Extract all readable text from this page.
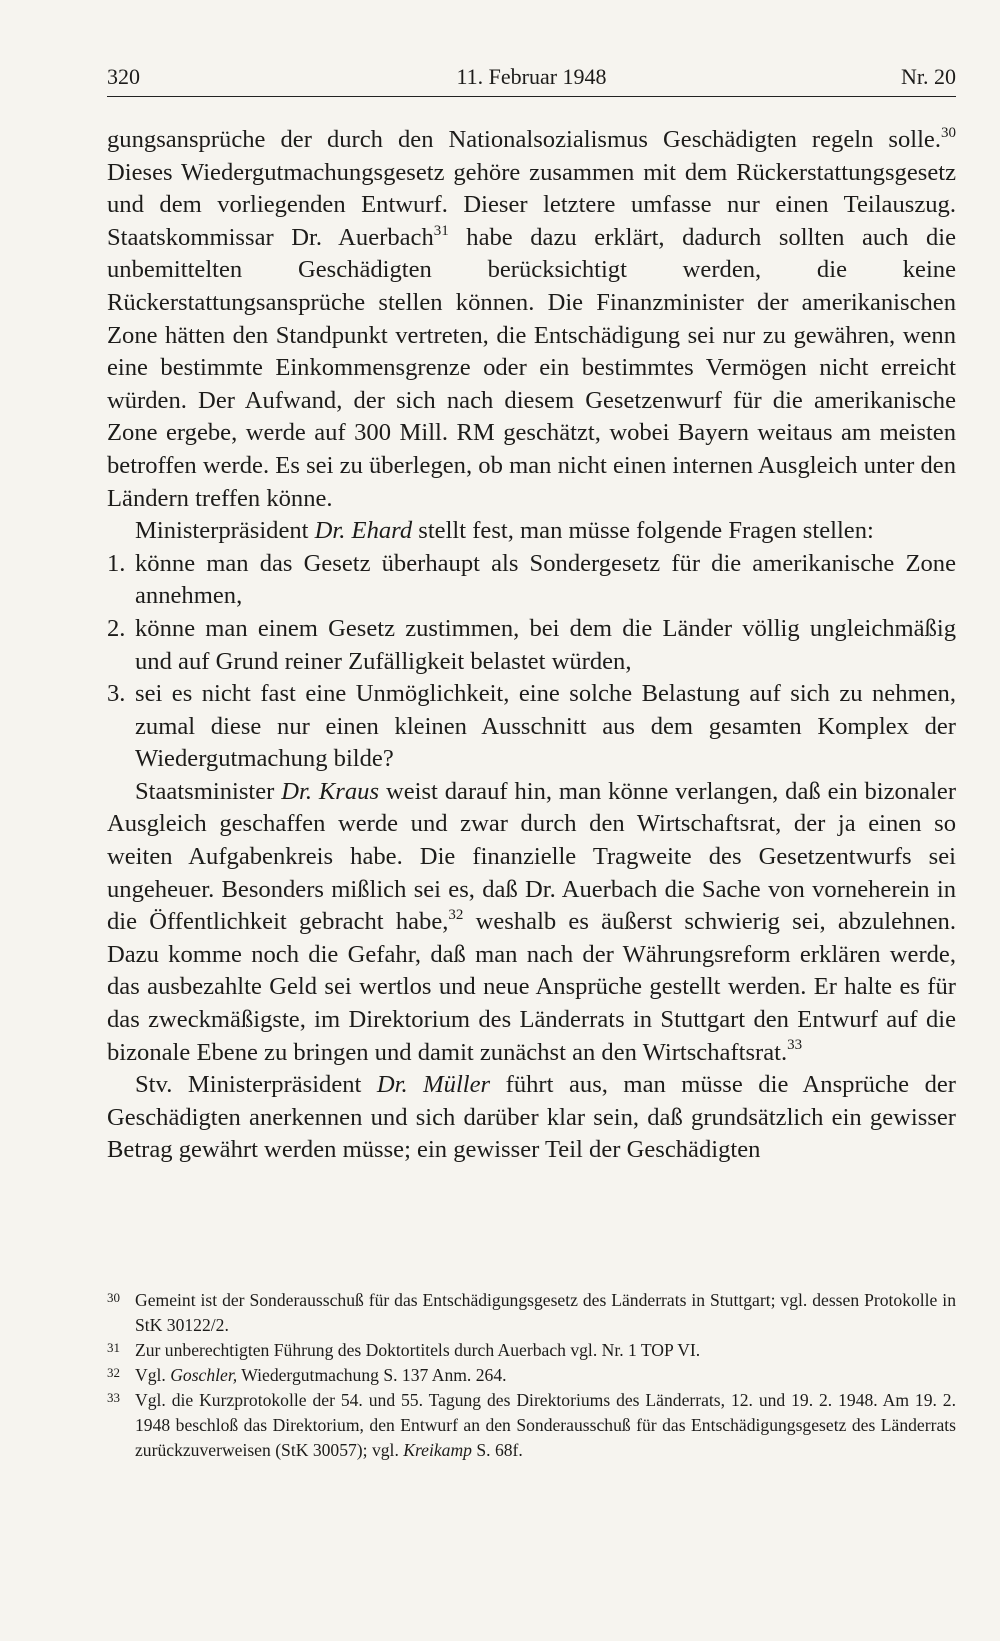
320	11. Februar 1948	Nr. 20

gungsansprüche der durch den Nationalsozialismus Geschädigten regeln solle.$^{30}$ Dieses Wiedergutmachungsgesetz gehöre zusammen mit dem Rückerstattungsgesetz und dem vorliegenden Entwurf. Dieser letztere umfasse nur einen Teilauszug. Staatskommissar Dr. Auerbach$^{31}$ habe dazu erklärt, dadurch sollten auch die unbemittelten Geschädigten berücksichtigt werden, die keine Rückerstattungsansprüche stellen können. Die Finanzminister der amerikanischen Zone hätten den Standpunkt vertreten, die Entschädigung sei nur zu gewähren, wenn eine bestimmte Einkommensgrenze oder ein bestimmtes Vermögen nicht erreicht würden. Der Aufwand, der sich nach diesem Gesetzenwurf für die amerikanische Zone ergebe, werde auf 300 Mill. RM geschätzt, wobei Bayern weitaus am meisten betroffen werde. Es sei zu überlegen, ob man nicht einen internen Ausgleich unter den Ländern treffen könne.

Ministerpräsident Dr. Ehard stellt fest, man müsse folgende Fragen stellen:

1. könne man das Gesetz überhaupt als Sondergesetz für die amerikanische Zone annehmen,
2. könne man einem Gesetz zustimmen, bei dem die Länder völlig ungleichmäßig und auf Grund reiner Zufälligkeit belastet würden,
3. sei es nicht fast eine Unmöglichkeit, eine solche Belastung auf sich zu nehmen, zumal diese nur einen kleinen Ausschnitt aus dem gesamten Komplex der Wiedergutmachung bilde?

Staatsminister Dr. Kraus weist darauf hin, man könne verlangen, daß ein bizonaler Ausgleich geschaffen werde und zwar durch den Wirtschaftsrat, der ja einen so weiten Aufgabenkreis habe. Die finanzielle Tragweite des Gesetzentwurfs sei ungeheuer. Besonders mißlich sei es, daß Dr. Auerbach die Sache von vorneherein in die Öffentlichkeit gebracht habe,$^{32}$ weshalb es äußerst schwierig sei, abzulehnen. Dazu komme noch die Gefahr, daß man nach der Währungsreform erklären werde, das ausbezahlte Geld sei wertlos und neue Ansprüche gestellt werden. Er halte es für das zweckmäßigste, im Direktorium des Länderrats in Stuttgart den Entwurf auf die bizonale Ebene zu bringen und damit zunächst an den Wirtschaftsrat.$^{33}$

Stv. Ministerpräsident Dr. Müller führt aus, man müsse die Ansprüche der Geschädigten anerkennen und sich darüber klar sein, daß grundsätzlich ein gewisser Betrag gewährt werden müsse; ein gewisser Teil der Geschädigten

30 Gemeint ist der Sonderausschuß für das Entschädigungsgesetz des Länderrats in Stuttgart; vgl. dessen Protokolle in StK 30122/2.

31 Zur unberechtigten Führung des Doktortitels durch Auerbach vgl. Nr. 1 TOP VI.

32 Vgl. Goschler, Wiedergutmachung S. 137 Anm. 264.

33 Vgl. die Kurzprotokolle der 54. und 55. Tagung des Direktoriums des Länderrats, 12. und 19. 2. 1948. Am 19. 2. 1948 beschloß das Direktorium, den Entwurf an den Sonderausschuß für das Entschädigungsgesetz des Länderrats zurückzuverweisen (StK 30057); vgl. Kreikamp S. 68f.
